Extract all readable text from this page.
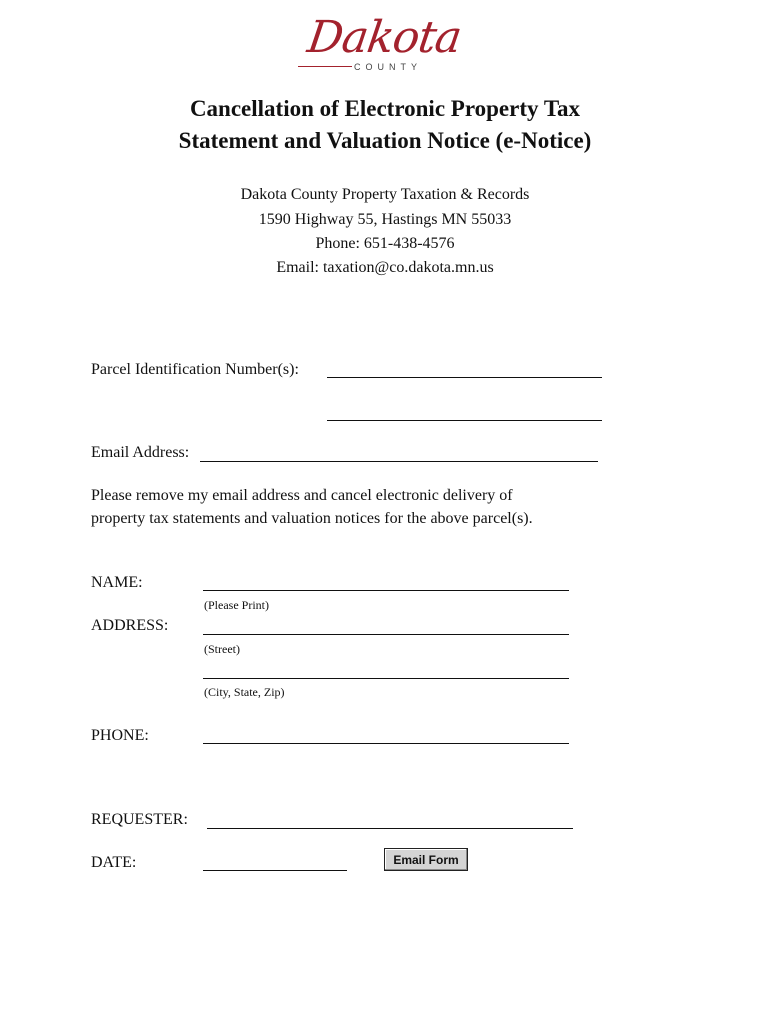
Dakota
COUNTY
Cancellation of Electronic Property Tax
Statement and Valuation Notice (e-Notice)
Dakota County Property Taxation & Records
1590 Highway 55, Hastings MN 55033
Phone: 651-438-4576
Email: taxation@co.dakota.mn.us
Parcel Identification Number(s):
Email Address:
Please remove my email address and cancel electronic delivery of
property tax statements and valuation notices for the above parcel(s).
NAME:
(Please Print)
ADDRESS:
(Street)
(City, State, Zip)
PHONE:
REQUESTER:
DATE:	Email Form
